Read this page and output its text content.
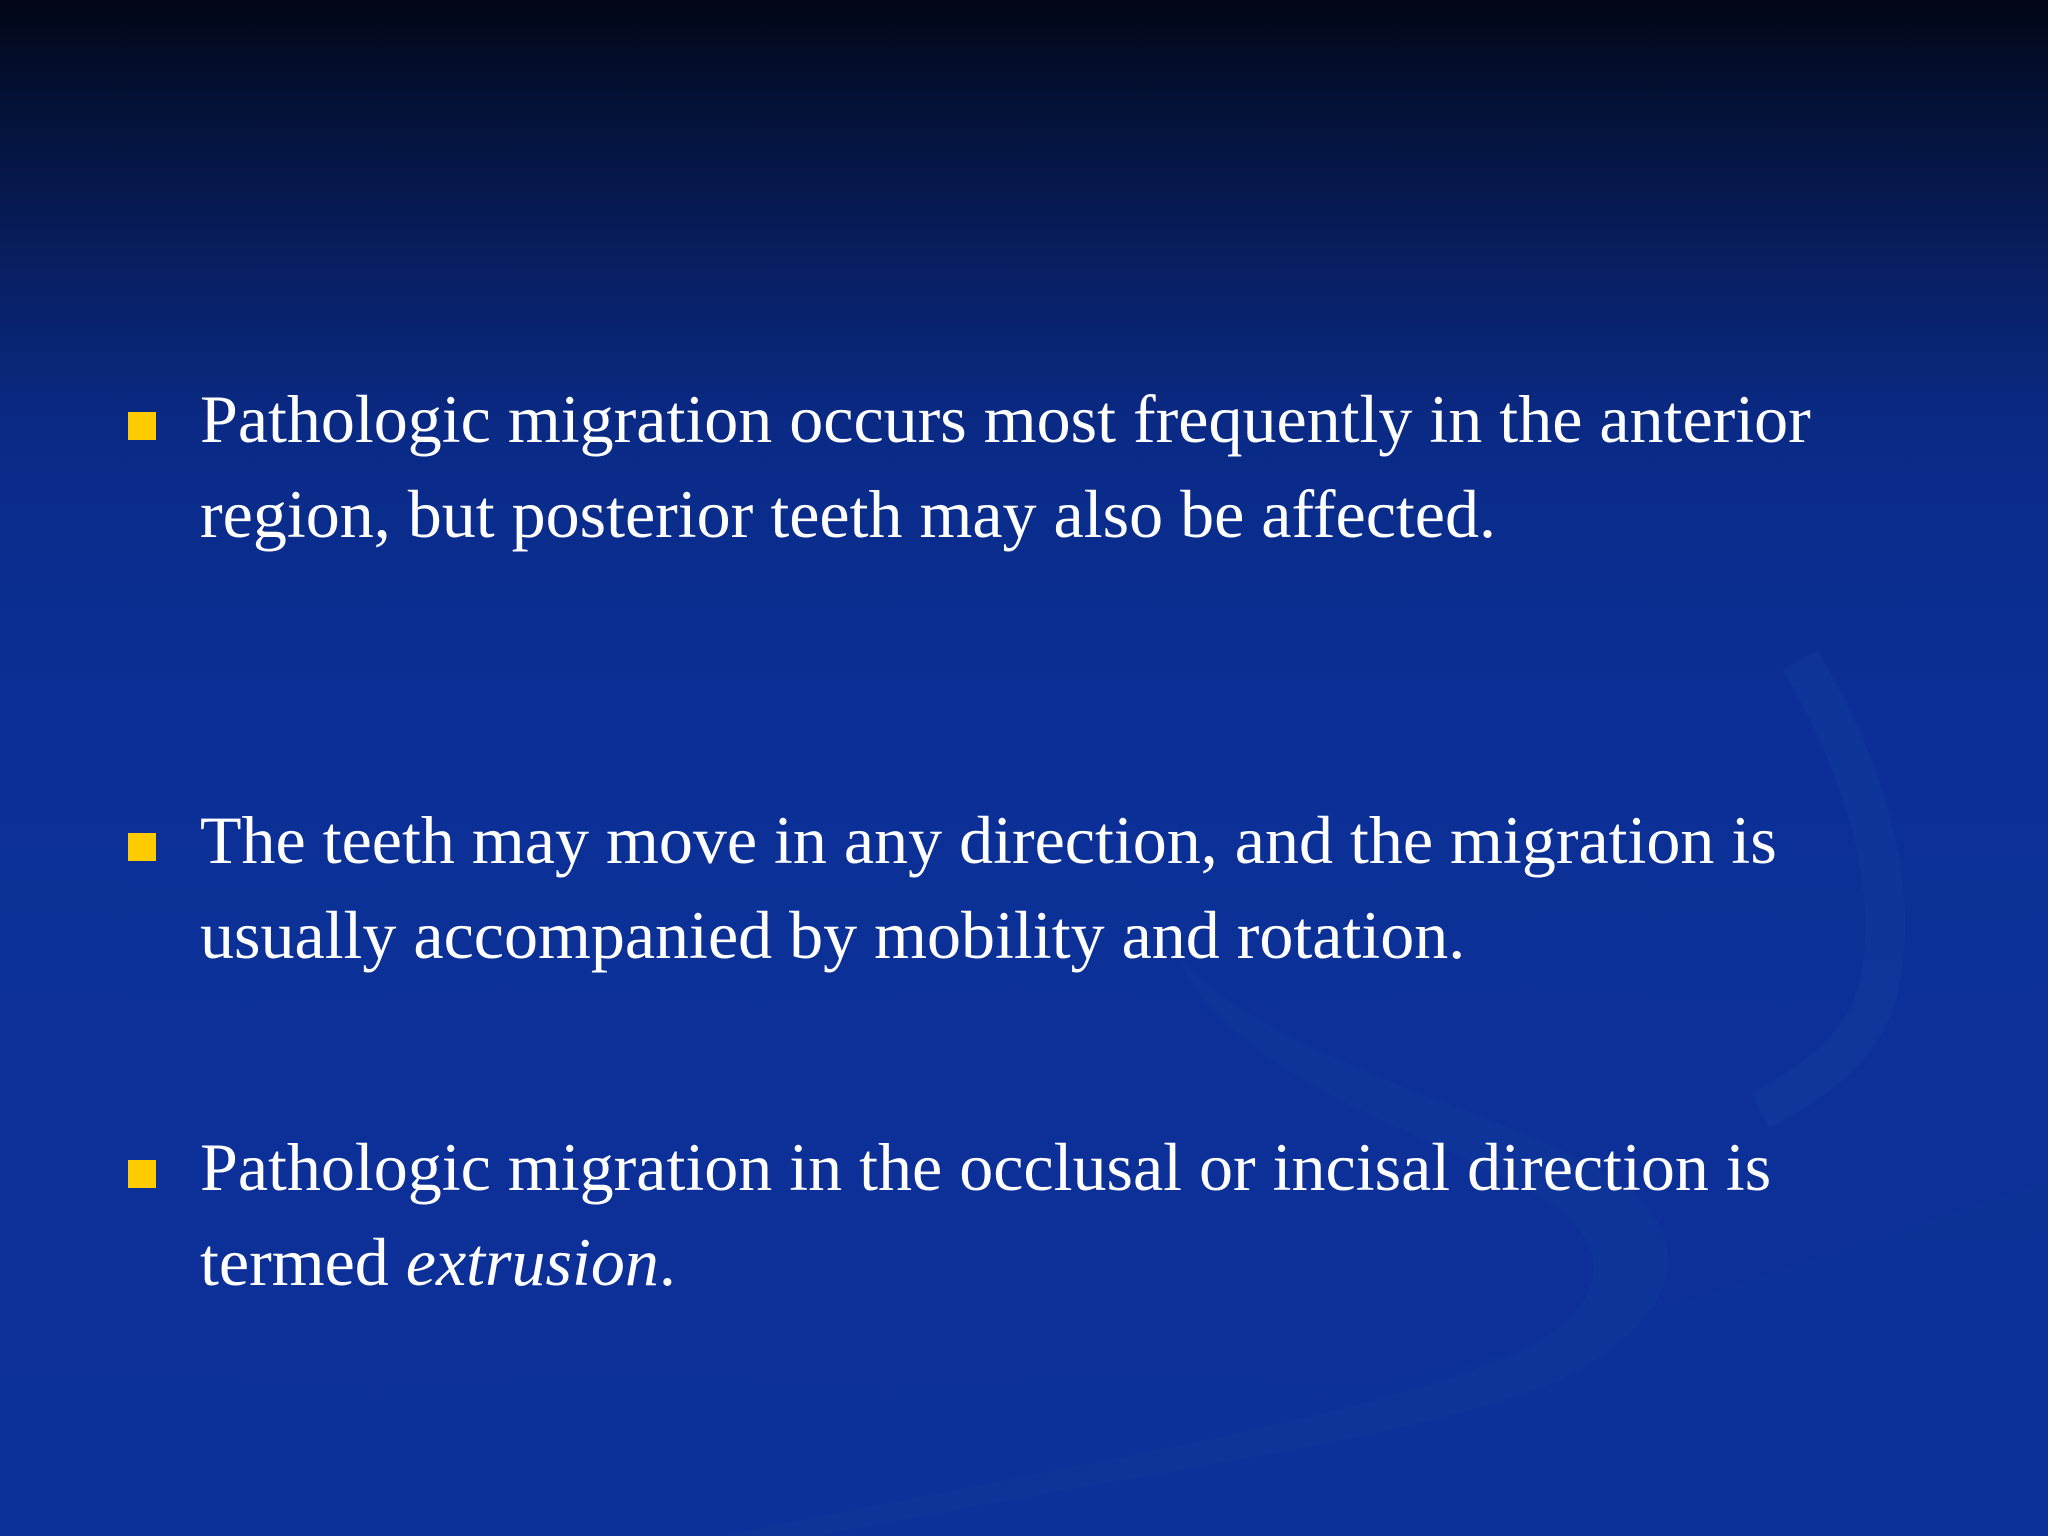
Pathologic migration occurs most frequently in the anterior region, but posterior teeth may also be affected.
The teeth may move in any direction, and the migration is usually accompanied by mobility and rotation.
Pathologic migration in the occlusal or incisal direction is termed extrusion.
